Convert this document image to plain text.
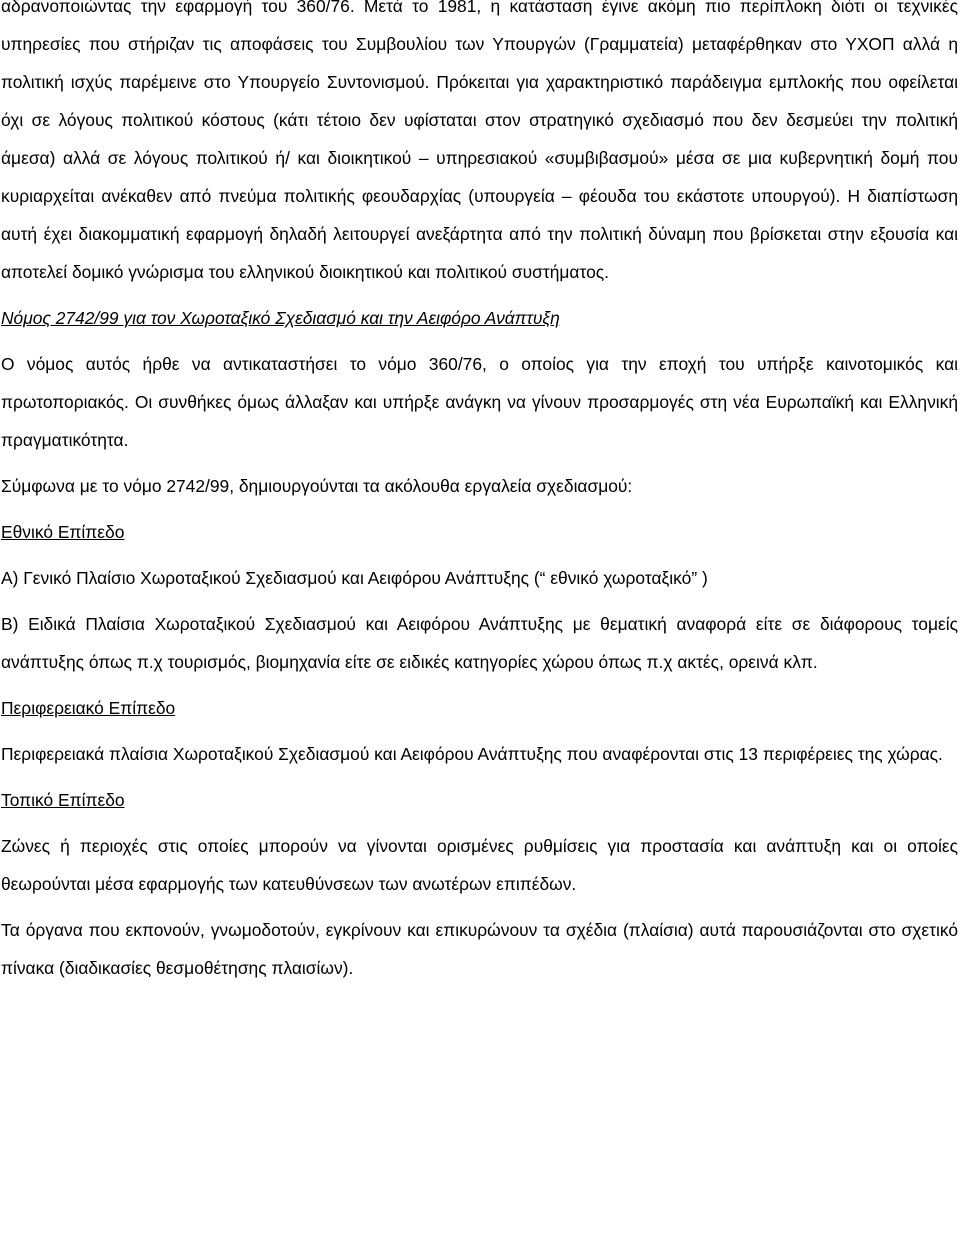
αδρανοποιώντας την εφαρμογή του 360/76. Μετά το 1981, η κατάσταση έγινε ακόμη πιο περίπλοκη διότι οι τεχνικές υπηρεσίες που στήριζαν τις αποφάσεις του Συμβουλίου των Υπουργών (Γραμματεία) μεταφέρθηκαν στο ΥΧΟΠ αλλά η πολιτική ισχύς παρέμεινε στο Υπουργείο Συντονισμού. Πρόκειται για χαρακτηριστικό παράδειγμα εμπλοκής που οφείλεται όχι σε λόγους πολιτικού κόστους (κάτι τέτοιο δεν υφίσταται στον στρατηγικό σχεδιασμό που δεν δεσμεύει την πολιτική άμεσα) αλλά σε λόγους πολιτικού ή/ και διοικητικού – υπηρεσιακού «συμβιβασμού» μέσα σε μια κυβερνητική δομή που κυριαρχείται ανέκαθεν από πνεύμα πολιτικής φεουδαρχίας (υπουργεία – φέουδα του εκάστοτε υπουργού). Η διαπίστωση αυτή έχει διακομματική εφαρμογή δηλαδή λειτουργεί ανεξάρτητα από την πολιτική δύναμη που βρίσκεται στην εξουσία και αποτελεί δομικό γνώρισμα του ελληνικού διοικητικού και πολιτικού συστήματος.

Νόμος 2742/99 για τον Χωροταξικό Σχεδιασμό και την Αειφόρο Ανάπτυξη

Ο νόμος αυτός ήρθε να αντικαταστήσει το νόμο 360/76, ο οποίος για την εποχή του υπήρξε καινοτομικός και πρωτοποριακός. Οι συνθήκες όμως άλλαξαν και υπήρξε ανάγκη να γίνουν προσαρμογές στη νέα Ευρωπαϊκή και Ελληνική πραγματικότητα.

Σύμφωνα με το νόμο 2742/99, δημιουργούνται τα ακόλουθα εργαλεία σχεδιασμού:

Εθνικό Επίπεδο

Α) Γενικό Πλαίσιο Χωροταξικού Σχεδιασμού και Αειφόρου Ανάπτυξης (“ εθνικό χωροταξικό” )

Β) Ειδικά Πλαίσια Χωροταξικού Σχεδιασμού και Αειφόρου Ανάπτυξης με θεματική αναφορά είτε σε διάφορους τομείς ανάπτυξης όπως π.χ τουρισμός, βιομηχανία είτε σε ειδικές κατηγορίες χώρου όπως π.χ ακτές, ορεινά κλπ.

Περιφερειακό Επίπεδο

Περιφερειακά πλαίσια Χωροταξικού Σχεδιασμού και Αειφόρου Ανάπτυξης που αναφέρονται στις 13 περιφέρειες της χώρας.

Τοπικό Επίπεδο

Ζώνες ή περιοχές στις οποίες μπορούν να γίνονται ορισμένες ρυθμίσεις για προστασία και ανάπτυξη και οι οποίες θεωρούνται μέσα εφαρμογής των κατευθύνσεων των ανωτέρων επιπέδων.

Τα όργανα που εκπονούν, γνωμοδοτούν, εγκρίνουν και επικυρώνουν τα σχέδια (πλαίσια) αυτά παρουσιάζονται στο σχετικό πίνακα (διαδικασίες θεσμοθέτησης πλαισίων).
